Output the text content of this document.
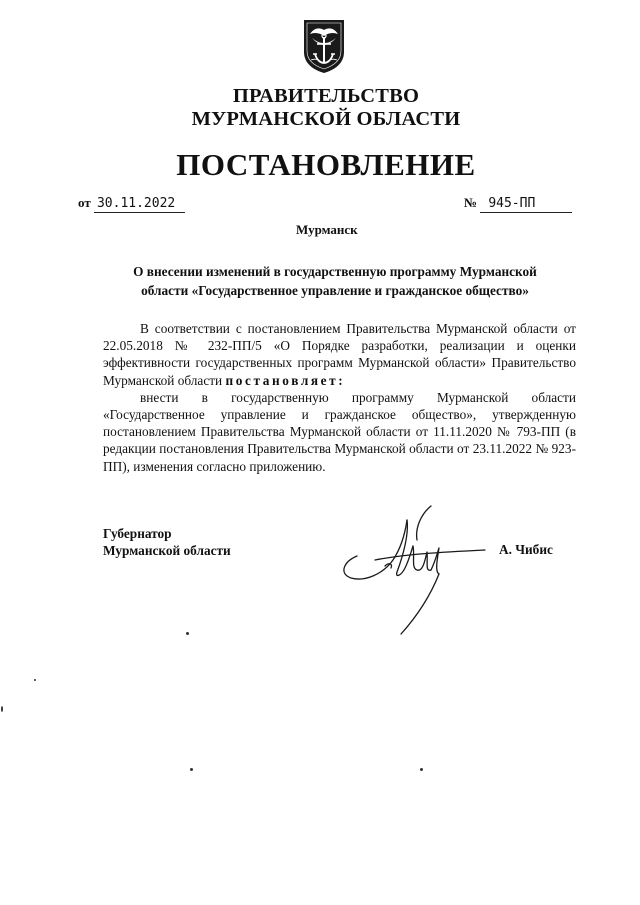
ПРАВИТЕЛЬСТВО
МУРМАНСКОЙ ОБЛАСТИ
ПОСТАНОВЛЕНИЕ
от 30.11.2022	№ 945-ПП
Мурманск
О внесении изменений в государственную программу Мурманской области «Государственное управление и гражданское общество»

В соответствии с постановлением Правительства Мурманской области от 22.05.2018 № 232-ПП/5 «О Порядке разработки, реализации и оценки эффективности государственных программ Мурманской области» Правительство Мурманской области постановляет:

внести в государственную программу Мурманской области «Государственное управление и гражданское общество», утвержденную постановлением Правительства Мурманской области от 11.11.2020 № 793-ПП (в редакции постановления Правительства Мурманской области от 23.11.2022 № 923-ПП), изменения согласно приложению.

Губернатор
Мурманской области	А. Чибис
